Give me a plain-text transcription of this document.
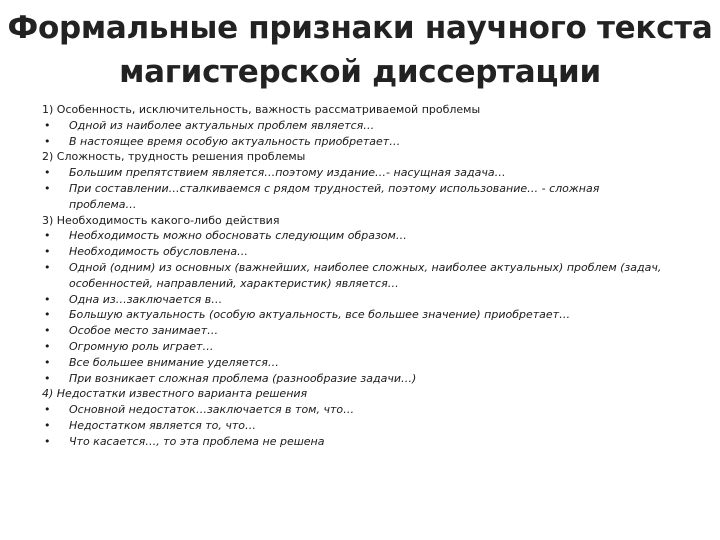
Формальные признаки научного текста магистерской диссертации
1) Особенность, исключительность, важность рассматриваемой проблемы
• Одной из наиболее актуальных проблем является…
• В настоящее время особую актуальность приобретает…
2) Сложность, трудность решения проблемы
• Большим препятствием является…поэтому издание…- насущная задача…
• При составлении…сталкиваемся с рядом трудностей, поэтому использование… - сложная проблема…
3) Необходимость какого-либо действия
• Необходимость можно обосновать следующим образом…
• Необходимость обусловлена…
• Одной (одним) из основных (важнейших, наиболее сложных, наиболее актуальных) проблем (задач, особенностей, направлений, характеристик) является…
• Одна из…заключается в…
• Большую актуальность (особую актуальность, все большее значение) приобретает…
• Особое место занимает…
• Огромную роль играет…
• Все большее внимание уделяется…
• При возникает сложная проблема (разнообразие задачи…)
4) Недостатки известного варианта решения
• Основной недостаток…заключается в том, что…
• Недостатком является то, что…
• Что касается…, то эта проблема не решена
